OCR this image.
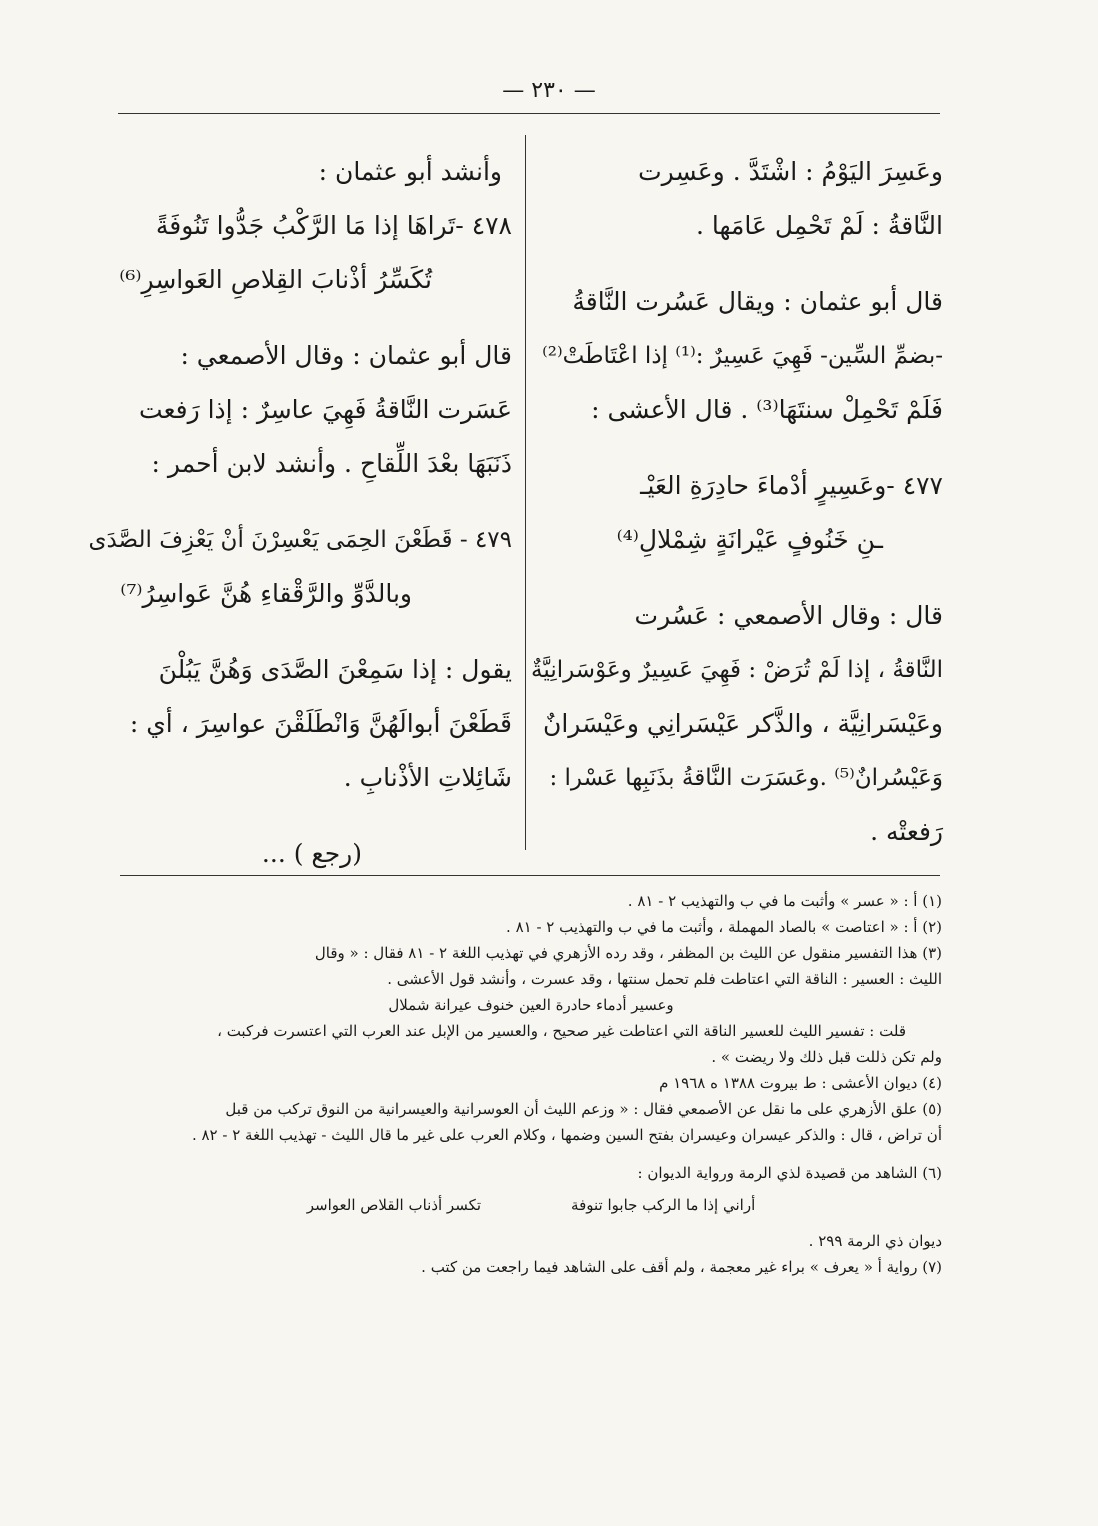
— ٢٣٠ —
وعَسِرَ اليَوْمُ : اشْتَدَّ . وعَسِرت
النَّاقةُ : لَمْ تَحْمِل عَامَها .
قال أبو عثمان : ويقال عَسُرت النَّاقةُ
-بضمِّ السِّين- فَهِيَ عَسِيرٌ :⁽¹⁾ إذا اعْتَاطَتْ⁽²⁾
فَلَمْ تَحْمِلْ سنتَهَا⁽³⁾ . قال الأعشى :
٤٧٧ -وعَسِيرٍ أدْماءَ حادِرَةِ العَيْـ
ـنِ خَنُوفٍ عَيْرانَةٍ شِمْلالِ⁽⁴⁾
قال : وقال الأصمعي : عَسُرت
النَّاقةُ ، إذا لَمْ تُرَضْ : فَهِيَ عَسِيرٌ وعَوْسَرانِيَّةٌ
وعَيْسَرانِيَّة ، والذَّكر عَيْسَرانِي وعَيْسَرانٌ
وَعَيْسُرانٌ⁽⁵⁾ .وعَسَرَت النَّاقةُ بذَنَبِها عَسْرا :
رَفعتْه .
وأنشد أبو عثمان :
٤٧٨ -تَراهَا إذا مَا الرَّكْبُ جَدُّوا تَنُوفَةً
تُكَسِّرُ أذْنابَ القِلاصِ العَواسِرِ⁽⁶⁾
قال أبو عثمان : وقال الأصمعي :
عَسَرت النَّاقةُ فَهِيَ عاسِرٌ : إذا رَفعت
ذَنَبَهَا بعْدَ اللِّقاحِ . وأنشد لابن أحمر :
٤٧٩ - قَطَعْنَ الحِمَى يَعْسِرْنَ أنْ يَعْزِفَ الصَّدَى
وبالدَّوِّ والرَّقْقاءِ هُنَّ عَواسِرُ⁽⁷⁾
يقول : إذا سَمِعْنَ الصَّدَى وَهُنَّ يَبُلْنَ
قَطَعْنَ أبوالَهُنَّ وَانْطَلَقْنَ عواسِرَ ، أي :
شَائِلاتِ الأذْنابِ .
(رجع ) ...
(١) أ : « عسر » وأثبت ما في ب والتهذيب ٢ - ٨١ .
(٢) أ : « اعتاصت » بالصاد المهملة ، وأثبت ما في ب والتهذيب ٢ - ٨١ .
(٣) هذا التفسير منقول عن الليث بن المظفر ، وقد رده الأزهري في تهذيب اللغة ٢ - ٨١ فقال : « وقال
الليث : العسير : الناقة التي اعتاطت فلم تحمل سنتها ، وقد عسرت ، وأنشد قول الأعشى .
وعسير أدماء حادرة العين خنوف عيرانة شملال
قلت : تفسير الليث للعسير الناقة التي اعتاطت غير صحيح ، والعسير من الإبل عند العرب التي اعتسرت فركبت ،
ولم تكن ذللت قبل ذلك ولا ريضت » .
(٤) ديوان الأعشى : ط بيروت ١٣٨٨ ه ١٩٦٨ م
(٥) علق الأزهري على ما نقل عن الأصمعي فقال : « وزعم الليث أن العوسرانية والعيسرانية من النوق تركب من قبل
أن تراض ، قال : والذكر عيسران وعيسران بفتح السين وضمها ، وكلام العرب على غير ما قال الليث - تهذيب اللغة ٢ - ٨٢ .
(٦) الشاهد من قصيدة لذي الرمة ورواية الديوان :
أراني إذا ما الركب جابوا تنوفة
تكسر أذناب القلاص العواسر
ديوان ذي الرمة ٢٩٩ .
(٧) رواية أ « يعرف » براء غير معجمة ، ولم أقف على الشاهد فيما راجعت من كتب .
